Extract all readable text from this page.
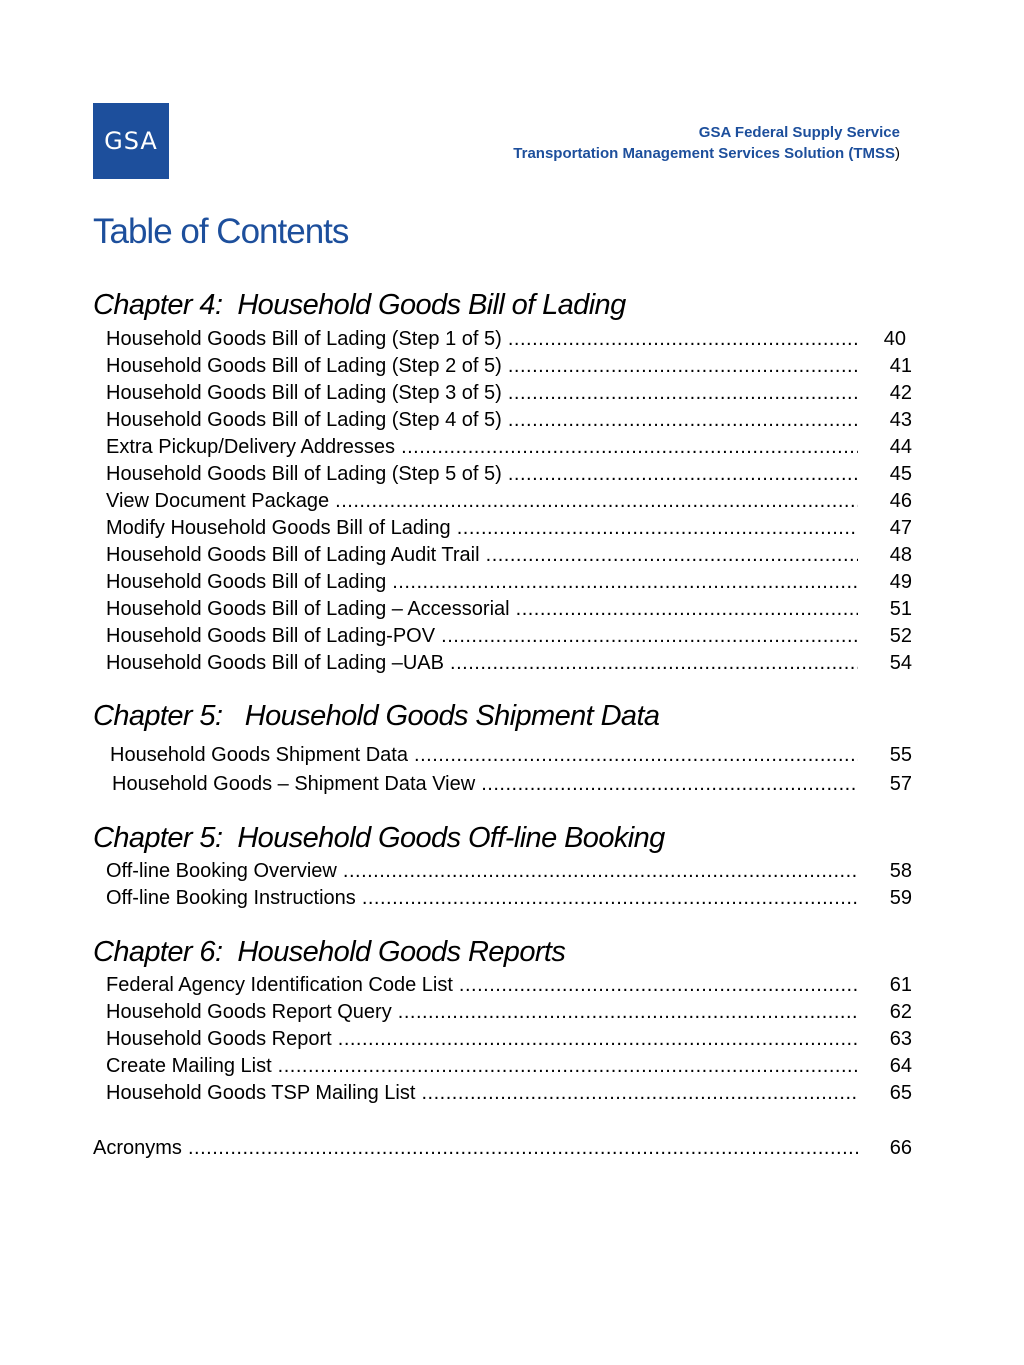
GSA	GSA Federal Supply Service
Transportation Management Services Solution (TMSS)
Table of Contents
Chapter 4:  Household Goods Bill of Lading
Household Goods Bill of Lading (Step 1 of 5) .....	40
Household Goods Bill of Lading (Step 2 of 5) .....	41
Household Goods Bill of Lading (Step 3 of 5) .....	42
Household Goods Bill of Lading (Step 4 of 5) .....	43
Extra Pickup/Delivery Addresses .....	44
Household Goods Bill of Lading (Step 5 of 5) .....	45
View Document Package .....	46
Modify Household Goods Bill of Lading .....	47
Household Goods Bill of Lading Audit Trail .....	48
Household Goods Bill of Lading .....	49
Household Goods Bill of Lading – Accessorial .....	51
Household Goods Bill of Lading-POV .....	52
Household Goods Bill of Lading –UAB .....	54
Chapter 5:   Household Goods Shipment Data
Household Goods Shipment Data .....	55
Household Goods – Shipment Data View .....	57
Chapter 5:  Household Goods Off-line Booking
Off-line Booking Overview .....	58
Off-line Booking Instructions .....	59
Chapter 6:  Household Goods Reports
Federal Agency Identification Code List .....	61
Household Goods Report Query .....	62
Household Goods Report .....	63
Create Mailing List .....	64
Household Goods TSP Mailing List .....	65
Acronyms .....	66
